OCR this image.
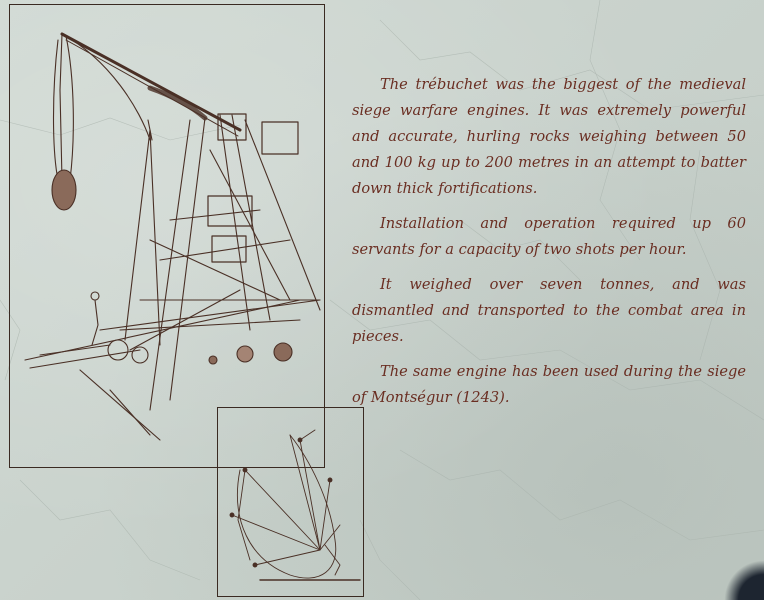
The trébuchet was the biggest of the medieval siege warfare engines. It was extremely powerful and accurate, hurling rocks weighing between 50 and 100 kg up to 200 metres in an attempt to batter down thick fortifications.

Installation and operation required up 60 servants for a capacity of two shots per hour.

It weighed over seven tonnes, and was dismantled and transported to the combat area in pieces.

The same engine has been used during the siege of Montségur (1243).
